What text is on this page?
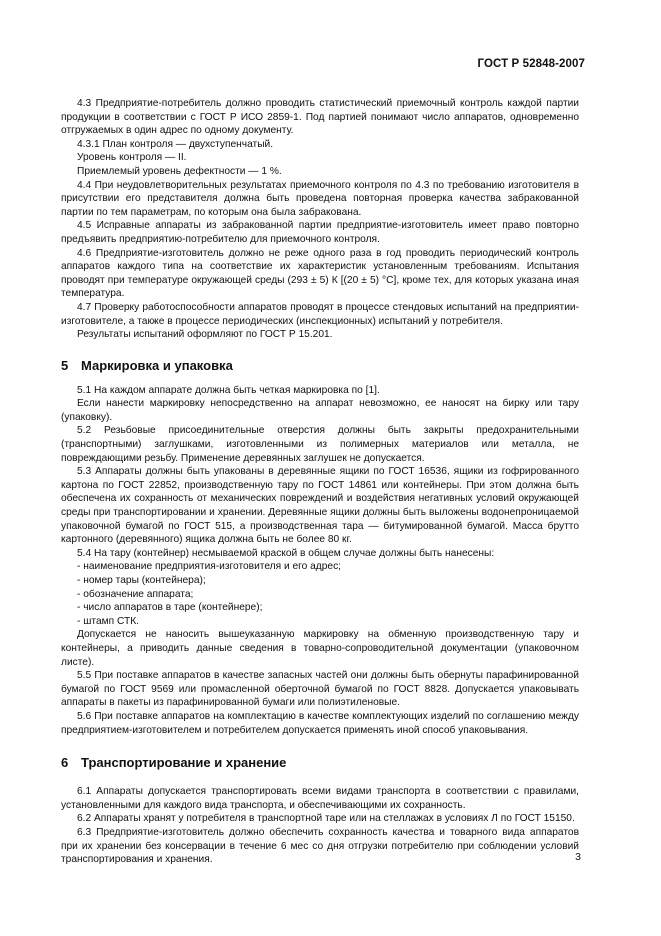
ГОСТ Р 52848-2007

4.3 Предприятие-потребитель должно проводить статистический приемочный контроль каждой партии продукции в соответствии с ГОСТ Р ИСО 2859-1. Под партией понимают число аппаратов, одновременно отгружаемых в один адрес по одному документу.

4.3.1 План контроля — двухступенчатый.

Уровень контроля — II.

Приемлемый уровень дефектности — 1 %.

4.4 При неудовлетворительных результатах приемочного контроля по 4.3 по требованию изготовителя в присутствии его представителя должна быть проведена повторная проверка качества забракованной партии по тем параметрам, по которым она была забракована.

4.5 Исправные аппараты из забракованной партии предприятие-изготовитель имеет право повторно предъявить предприятию-потребителю для приемочного контроля.

4.6 Предприятие-изготовитель должно не реже одного раза в год проводить периодический контроль аппаратов каждого типа на соответствие их характеристик установленным требованиям. Испытания проводят при температуре окружающей среды (293 ± 5) К [(20 ± 5) °С], кроме тех, для которых указана иная температура.

4.7 Проверку работоспособности аппаратов проводят в процессе стендовых испытаний на предприятии-изготовителе, а также в процессе периодических (инспекционных) испытаний у потребителя.

Результаты испытаний оформляют по ГОСТ Р 15.201.

5 Маркировка и упаковка

5.1 На каждом аппарате должна быть четкая маркировка по [1].

Если нанести маркировку непосредственно на аппарат невозможно, ее наносят на бирку или тару (упаковку).

5.2 Резьбовые присоединительные отверстия должны быть закрыты предохранительными (транспортными) заглушками, изготовленными из полимерных материалов или металла, не повреждающими резьбу. Применение деревянных заглушек не допускается.

5.3 Аппараты должны быть упакованы в деревянные ящики по ГОСТ 16536, ящики из гофрированного картона по ГОСТ 22852, производственную тару по ГОСТ 14861 или контейнеры. При этом должна быть обеспечена их сохранность от механических повреждений и воздействия негативных условий окружающей среды при транспортировании и хранении. Деревянные ящики должны быть выложены водонепроницаемой упаковочной бумагой по ГОСТ 515, а производственная тара — битумированной бумагой. Масса брутто картонного (деревянного) ящика должна быть не более 80 кг.

5.4 На тару (контейнер) несмываемой краской в общем случае должны быть нанесены:

- наименование предприятия-изготовителя и его адрес;

- номер тары (контейнера);

- обозначение аппарата;

- число аппаратов в таре (контейнере);

- штамп СТК.

Допускается не наносить вышеуказанную маркировку на обменную производственную тару и контейнеры, а приводить данные сведения в товарно-сопроводительной документации (упаковочном листе).

5.5 При поставке аппаратов в качестве запасных частей они должны быть обернуты парафинированной бумагой по ГОСТ 9569 или промасленной оберточной бумагой по ГОСТ 8828. Допускается упаковывать аппараты в пакеты из парафинированной бумаги или полиэтиленовые.

5.6 При поставке аппаратов на комплектацию в качестве комплектующих изделий по соглашению между предприятием-изготовителем и потребителем допускается применять иной способ упаковывания.

6 Транспортирование и хранение

6.1 Аппараты допускается транспортировать всеми видами транспорта в соответствии с правилами, установленными для каждого вида транспорта, и обеспечивающими их сохранность.

6.2 Аппараты хранят у потребителя в транспортной таре или на стеллажах в условиях Л по ГОСТ 15150.

6.3 Предприятие-изготовитель должно обеспечить сохранность качества и товарного вида аппаратов при их хранении без консервации в течение 6 мес со дня отгрузки потребителю при соблюдении условий транспортирования и хранения.	3
